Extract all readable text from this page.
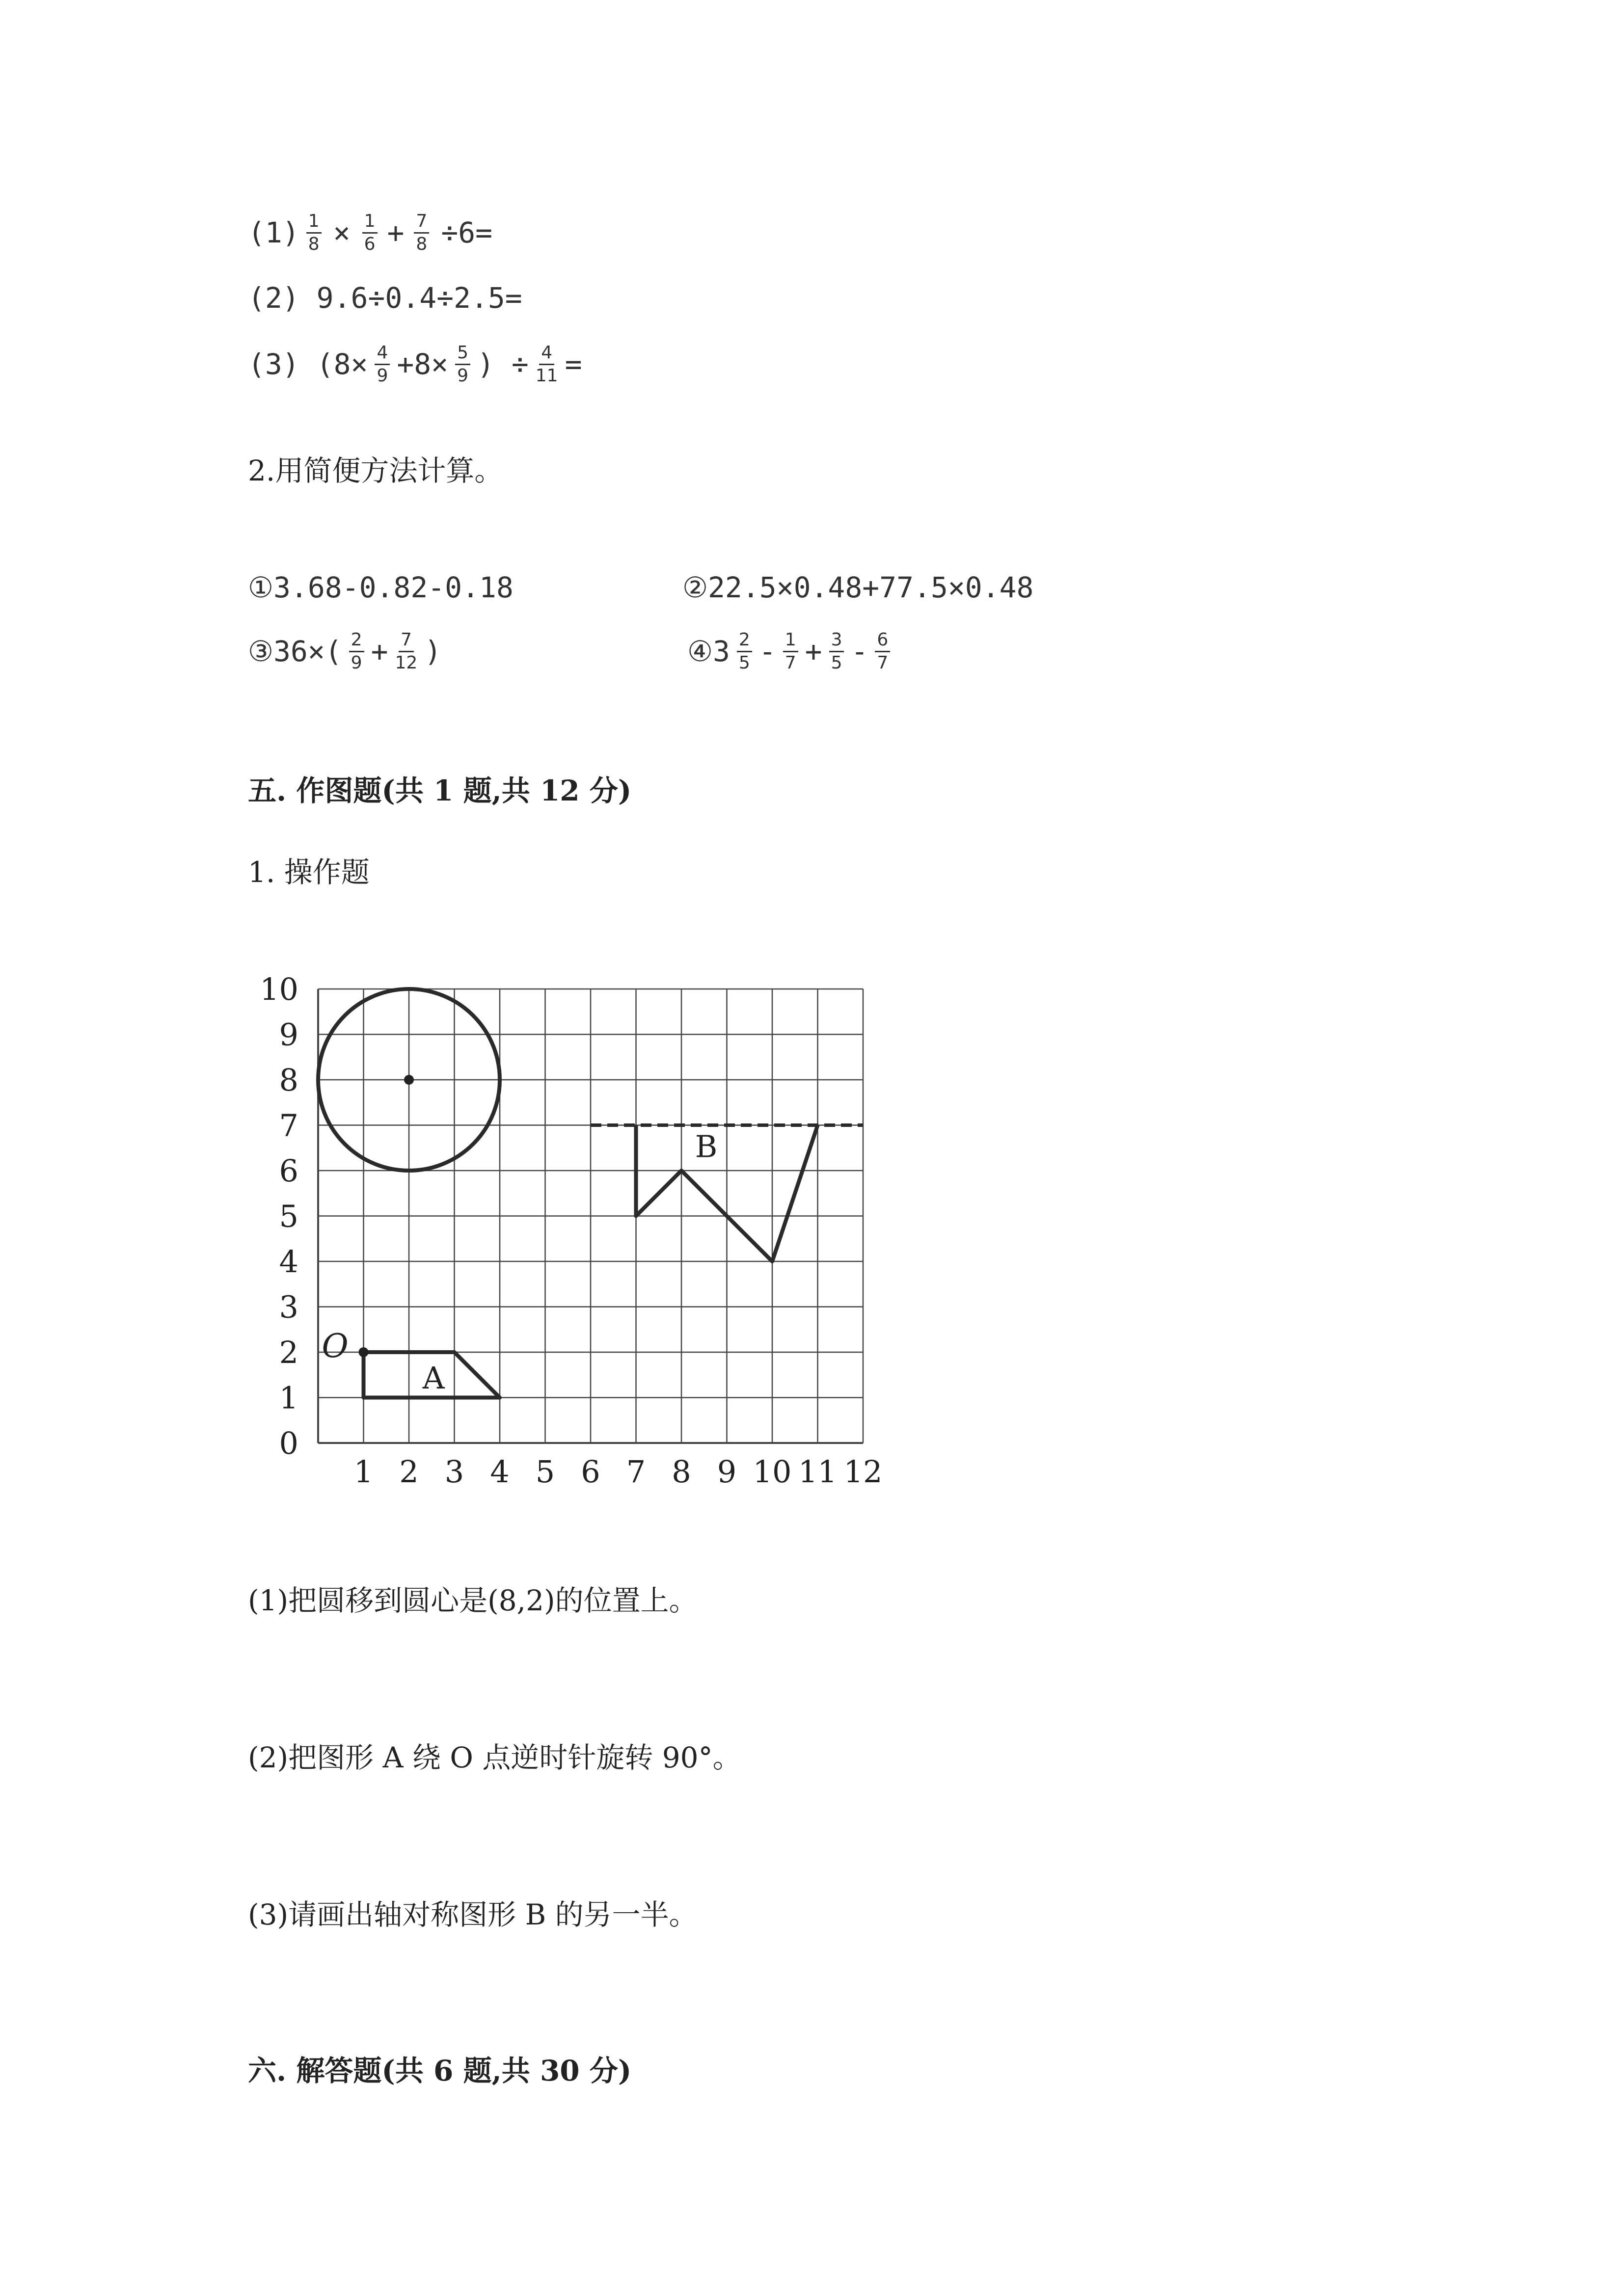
$(1) \frac{1}{8} \times \frac{1}{6} + \frac{7}{8} \div 6=$
(2) 9.6÷0.4÷2.5=
(3) ($8\times \frac{4}{9} +8\times \frac{5}{9}$ ) ÷ $\frac{4}{11}$ =
2.用简便方法计算。
①3.68-0.82-0.18	②22.5×0.48+77.5×0.48
③36×( $\frac{2}{9} + \frac{7}{12}$ )	④3 $\frac{2}{5} - \frac{1}{7} + \frac{3}{5} - \frac{6}{7}$
五. 作图题(共 1 题,共 12 分)
1. 操作题
0
1
2
3
4
5
6
7
8
9
10
1 2 3 4 5 6 7 8 9 10 11 12
O
A
B
(1)把圆移到圆心是(8,2)的位置上。
(2)把图形 A 绕 O 点逆时针旋转 90°。
(3)请画出轴对称图形 B 的另一半。
六. 解答题(共 6 题,共 30 分)
